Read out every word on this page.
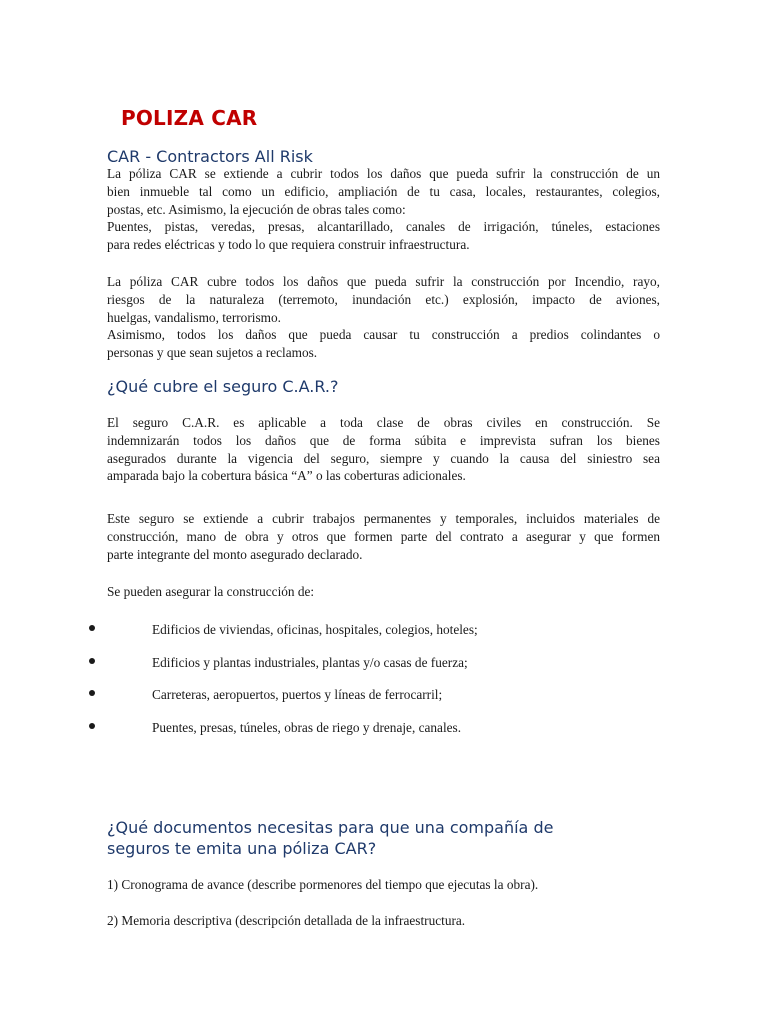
POLIZA CAR
CAR - Contractors All Risk
La póliza CAR se extiende a cubrir todos los daños que pueda sufrir la construcción de un
bien inmueble tal como un edificio, ampliación de tu casa, locales, restaurantes, colegios,
postas, etc. Asimismo, la ejecución de obras tales como:
Puentes, pistas, veredas, presas, alcantarillado, canales de irrigación, túneles, estaciones
para redes eléctricas y todo lo que requiera construir infraestructura.
La póliza CAR cubre todos los daños que pueda sufrir la construcción por Incendio, rayo,
riesgos de la naturaleza (terremoto, inundación etc.) explosión, impacto de aviones,
huelgas, vandalismo, terrorismo.
Asimismo, todos los daños que pueda causar tu construcción a predios colindantes o
personas y que sean sujetos a reclamos.
¿Qué cubre el seguro C.A.R.?
El seguro C.A.R. es aplicable a toda clase de obras civiles en construcción. Se
indemnizarán todos los daños que de forma súbita e imprevista sufran los bienes
asegurados durante la vigencia del seguro, siempre y cuando la causa del siniestro sea
amparada bajo la cobertura básica “A” o las coberturas adicionales.
Este seguro se extiende a cubrir trabajos permanentes y temporales, incluidos materiales de
construcción, mano de obra y otros que formen parte del contrato a asegurar y que formen
parte integrante del monto asegurado declarado.
Se pueden asegurar la construcción de:
Edificios de viviendas, oficinas, hospitales, colegios, hoteles;
Edificios y plantas industriales, plantas y/o casas de fuerza;
Carreteras, aeropuertos, puertos y líneas de ferrocarril;
Puentes, presas, túneles, obras de riego y drenaje, canales.
¿Qué documentos necesitas para que una compañía de
seguros te emita una póliza CAR?
1) Cronograma de avance (describe pormenores del tiempo que ejecutas la obra).
2) Memoria descriptiva (descripción detallada de la infraestructura.
